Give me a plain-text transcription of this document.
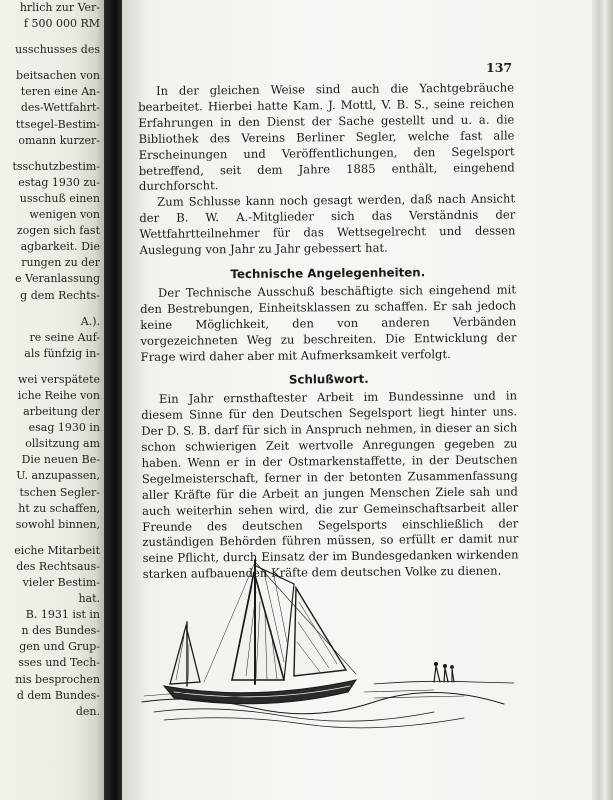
hrlich zur Ver-
f 500 000 RM
usschusses des
beitsachen von
teren eine An-
des-Wettfahrt-
ttsegel-Bestim-
omann kurzer-
tsschutzbestim-
estag 1930 zu-
usschuß einen
wenigen von
zogen sich fast
agbarkeit. Die
rungen zu der
e Veranlassung
g dem Rechts-
A.).
re seine Auf-
als fünfzig in-
wei verspätete
iche Reihe von
arbeitung der
esag 1930 in
ollsitzung am
Die neuen Be-
U. anzupassen,
tschen Segler-
ht zu schaffen,
sowohl binnen,
eiche Mitarbeit
des Rechtsaus-
vieler Bestim-
hat.
B. 1931 ist in
n des Bundes-
gen und Grup-
sses und Tech-
nis besprochen
d dem Bundes-
den.
137

In der gleichen Weise sind auch die Yachtgebräuche bearbeitet. Hierbei hatte Kam. J. Mottl, V. B. S., seine reichen Erfahrungen in den Dienst der Sache gestellt und u. a. die Bibliothek des Vereins Berliner Segler, welche fast alle Erscheinungen und Veröffentlichungen, den Segelsport betreffend, seit dem Jahre 1885 enthält, eingehend durchforscht.

Zum Schlusse kann noch gesagt werden, daß nach Ansicht der B. W. A.-Mitglieder sich das Verständnis der Wettfahrtteilnehmer für das Wettsegelrecht und dessen Auslegung von Jahr zu Jahr gebessert hat.

Technische Angelegenheiten.

Der Technische Ausschuß beschäftigte sich eingehend mit den Bestrebungen, Einheitsklassen zu schaffen. Er sah jedoch keine Möglichkeit, den von anderen Verbänden vorgezeichneten Weg zu beschreiten. Die Entwicklung der Frage wird daher aber mit Aufmerksamkeit verfolgt.

Schlußwort.

Ein Jahr ernsthaftester Arbeit im Bundessinne und in diesem Sinne für den Deutschen Segelsport liegt hinter uns. Der D. S. B. darf für sich in Anspruch nehmen, in dieser an sich schon schwierigen Zeit wertvolle Anregungen gegeben zu haben. Wenn er in der Ostmarkenstaffette, in der Deutschen Segelmeisterschaft, ferner in der betonten Zusammenfassung aller Kräfte für die Arbeit an jungen Menschen Ziele sah und auch weiterhin sehen wird, die zur Gemeinschaftsarbeit aller Freunde des deutschen Segelsports einschließlich der zuständigen Behörden führen müssen, so erfüllt er damit nur seine Pflicht, durch Einsatz der im Bundesgedanken wirkenden starken aufbauenden Kräfte dem deutschen Volke zu dienen.
